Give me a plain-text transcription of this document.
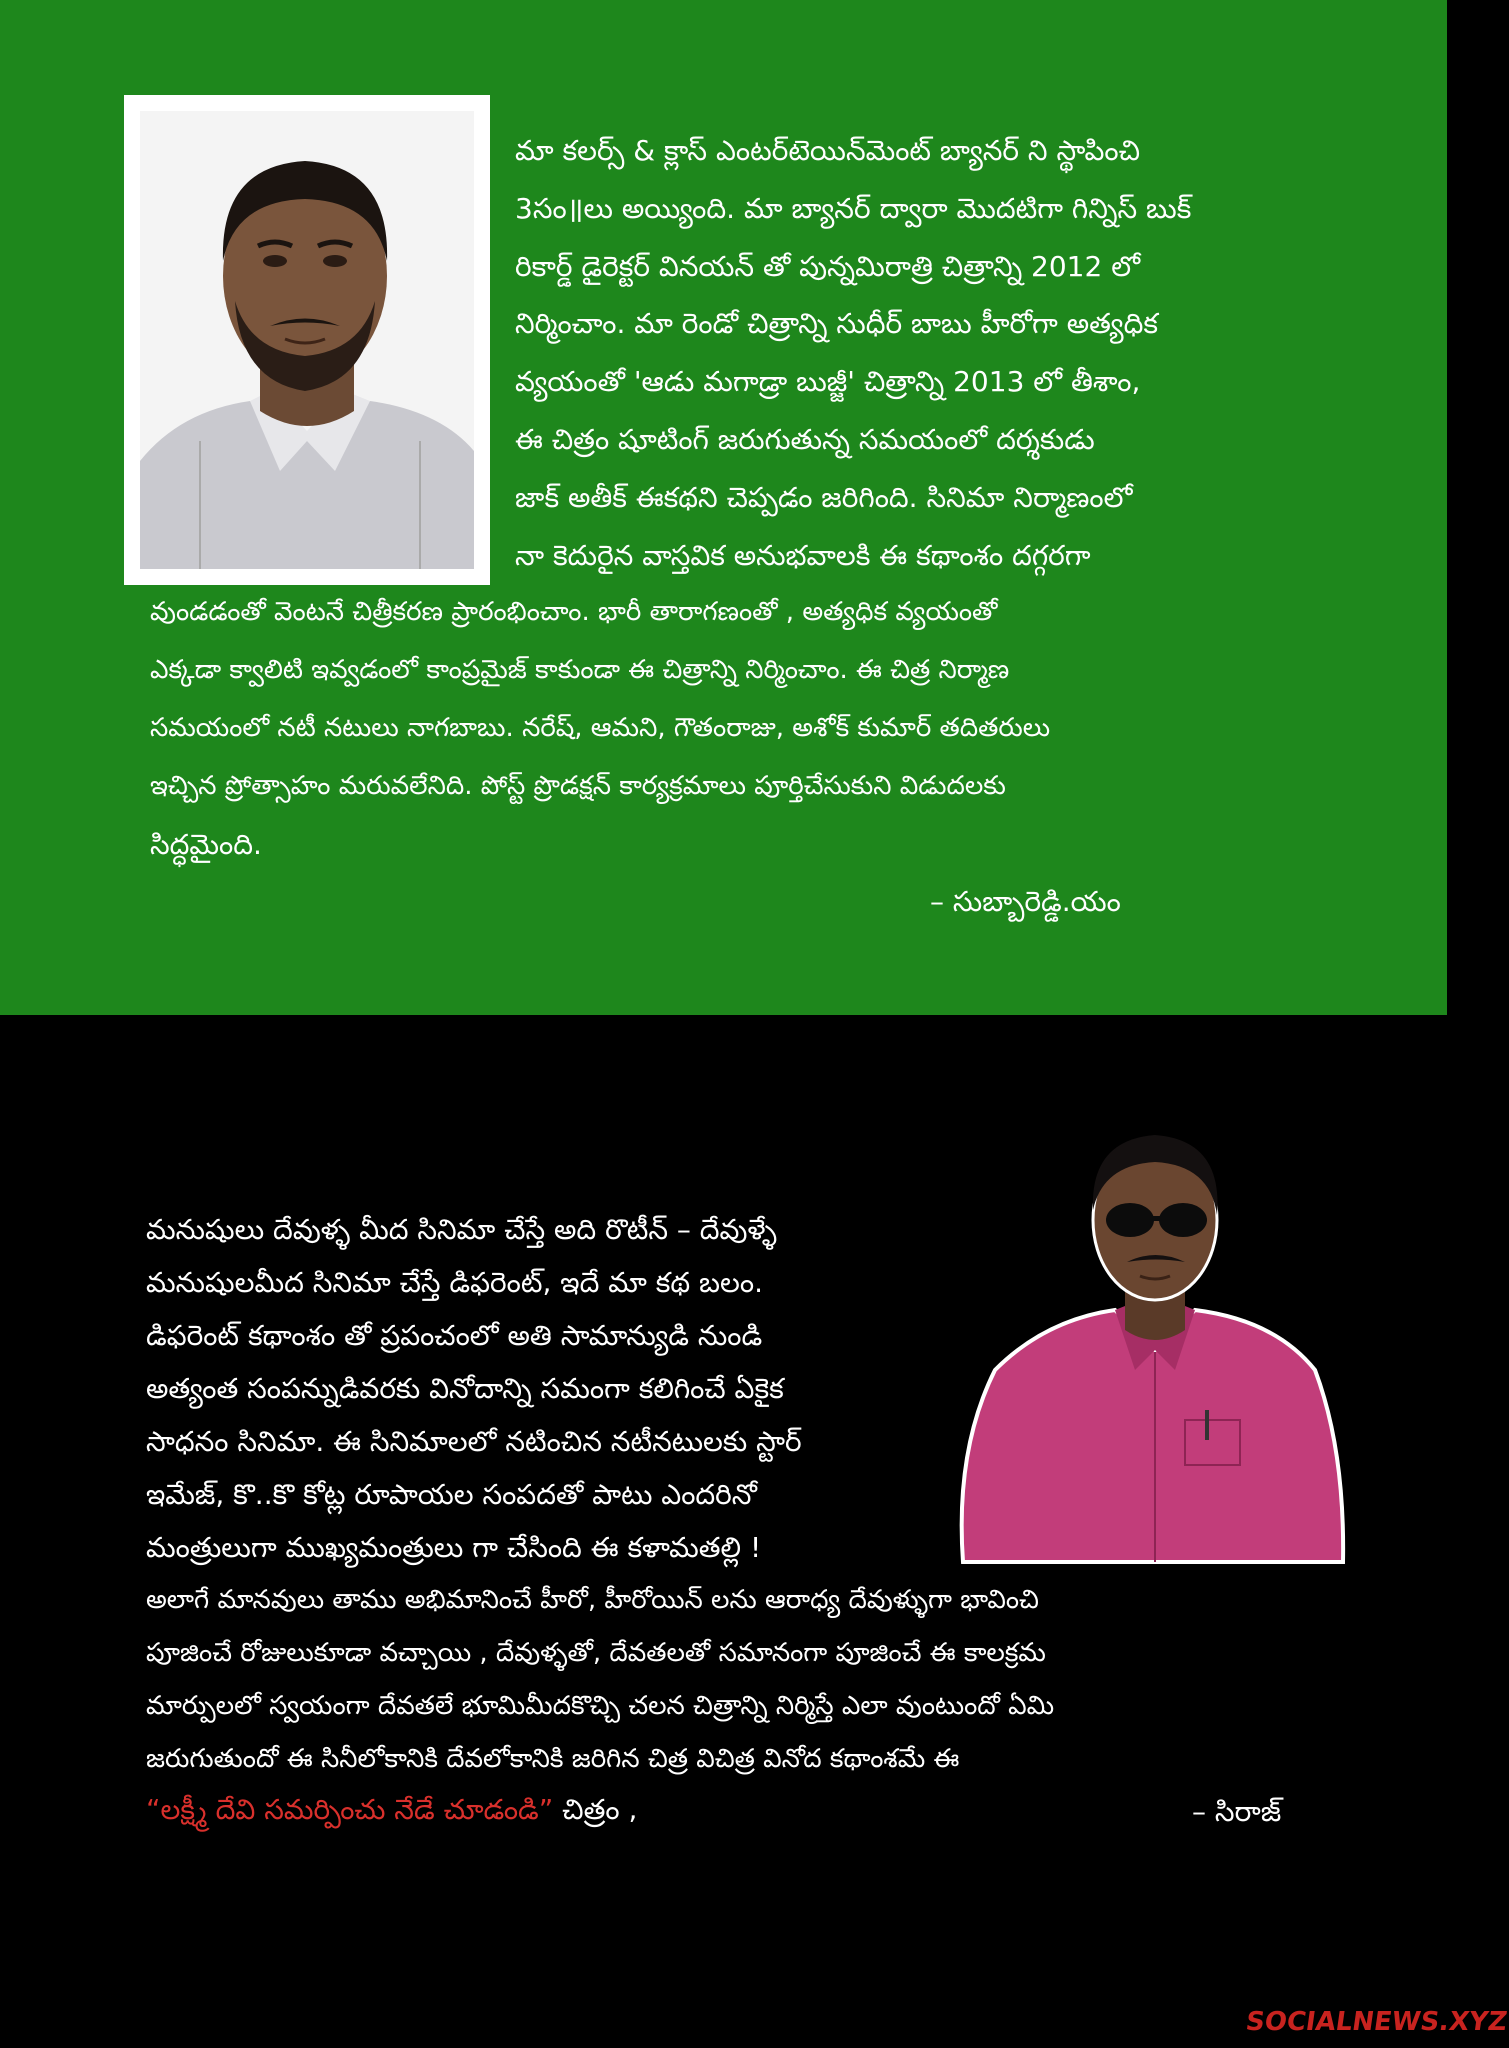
మా కలర్స్ & క్లాస్ ఎంటర్‌టెయిన్‌మెంట్ బ్యానర్ ని స్థాపించి
3సం॥లు అయ్యింది. మా బ్యానర్ ద్వారా మొదటిగా గిన్నిస్ బుక్
రికార్డ్ డైరెక్టర్ వినయన్ తో పున్నమిరాత్రి చిత్రాన్ని 2012 లో
నిర్మించాం. మా రెండో చిత్రాన్ని సుధీర్ బాబు హీరోగా అత్యధిక
వ్యయంతో 'ఆడు మగాడ్రా బుజ్జీ' చిత్రాన్ని 2013 లో తీశాం,
ఈ చిత్రం షూటింగ్ జరుగుతున్న సమయంలో దర్శకుడు
జాక్ అతీక్ ఈకథని చెప్పడం జరిగింది. సినిమా నిర్మాణంలో
నా కెదురైన వాస్తవిక అనుభవాలకి ఈ కథాంశం దగ్గరగా
వుండడంతో వెంటనే చిత్రీకరణ ప్రారంభించాం. భారీ తారాగణంతో , అత్యధిక వ్యయంతో
ఎక్కడా క్వాలిటి ఇవ్వడంలో కాంప్రమైజ్ కాకుండా ఈ చిత్రాన్ని నిర్మించాం. ఈ చిత్ర నిర్మాణ
సమయంలో నటీ నటులు నాగబాబు. నరేష్, ఆమని, గౌతంరాజు, అశోక్ కుమార్ తదితరులు
ఇచ్చిన ప్రోత్సాహం మరువలేనిది. పోస్ట్ ప్రొడక్షన్ కార్యక్రమాలు పూర్తిచేసుకుని విడుదలకు
సిద్ధమైంది.
– సుబ్బారెడ్డి.యం
మనుషులు దేవుళ్ళ మీద సినిమా చేస్తే అది రొటీన్ – దేవుళ్ళే
మనుషులమీద సినిమా చేస్తే డిఫరెంట్, ఇదే మా కథ బలం.
డిఫరెంట్ కథాంశం తో ప్రపంచంలో అతి సామాన్యుడి నుండి
అత్యంత సంపన్నుడివరకు వినోదాన్ని సమంగా కలిగించే ఏకైక
సాధనం సినిమా. ఈ సినిమాలలో నటించిన నటీనటులకు స్టార్
ఇమేజ్, కొ..కొ కోట్ల రూపాయల సంపదతో పాటు ఎందరినో
మంత్రులుగా ముఖ్యమంత్రులు గా చేసింది ఈ కళామతల్లి !
అలాగే మానవులు తాము అభిమానించే హీరో, హీరోయిన్ లను ఆరాధ్య దేవుళ్ళుగా భావించి
పూజించే రోజులుకూడా వచ్చాయి , దేవుళ్ళతో, దేవతలతో సమానంగా పూజించే ఈ కాలక్రమ
మార్పులలో స్వయంగా దేవతలే భూమిమీదకొచ్చి చలన చిత్రాన్ని నిర్మిస్తే ఎలా వుంటుందో ఏమి
జరుగుతుందో ఈ సినీలోకానికి దేవలోకానికి జరిగిన చిత్ర విచిత్ర వినోద కథాంశమే ఈ
“లక్ష్మీ దేవి సమర్పించు నేడే చూడండి” చిత్రం ,	– సిరాజ్
SOCIALNEWS.XYZ
